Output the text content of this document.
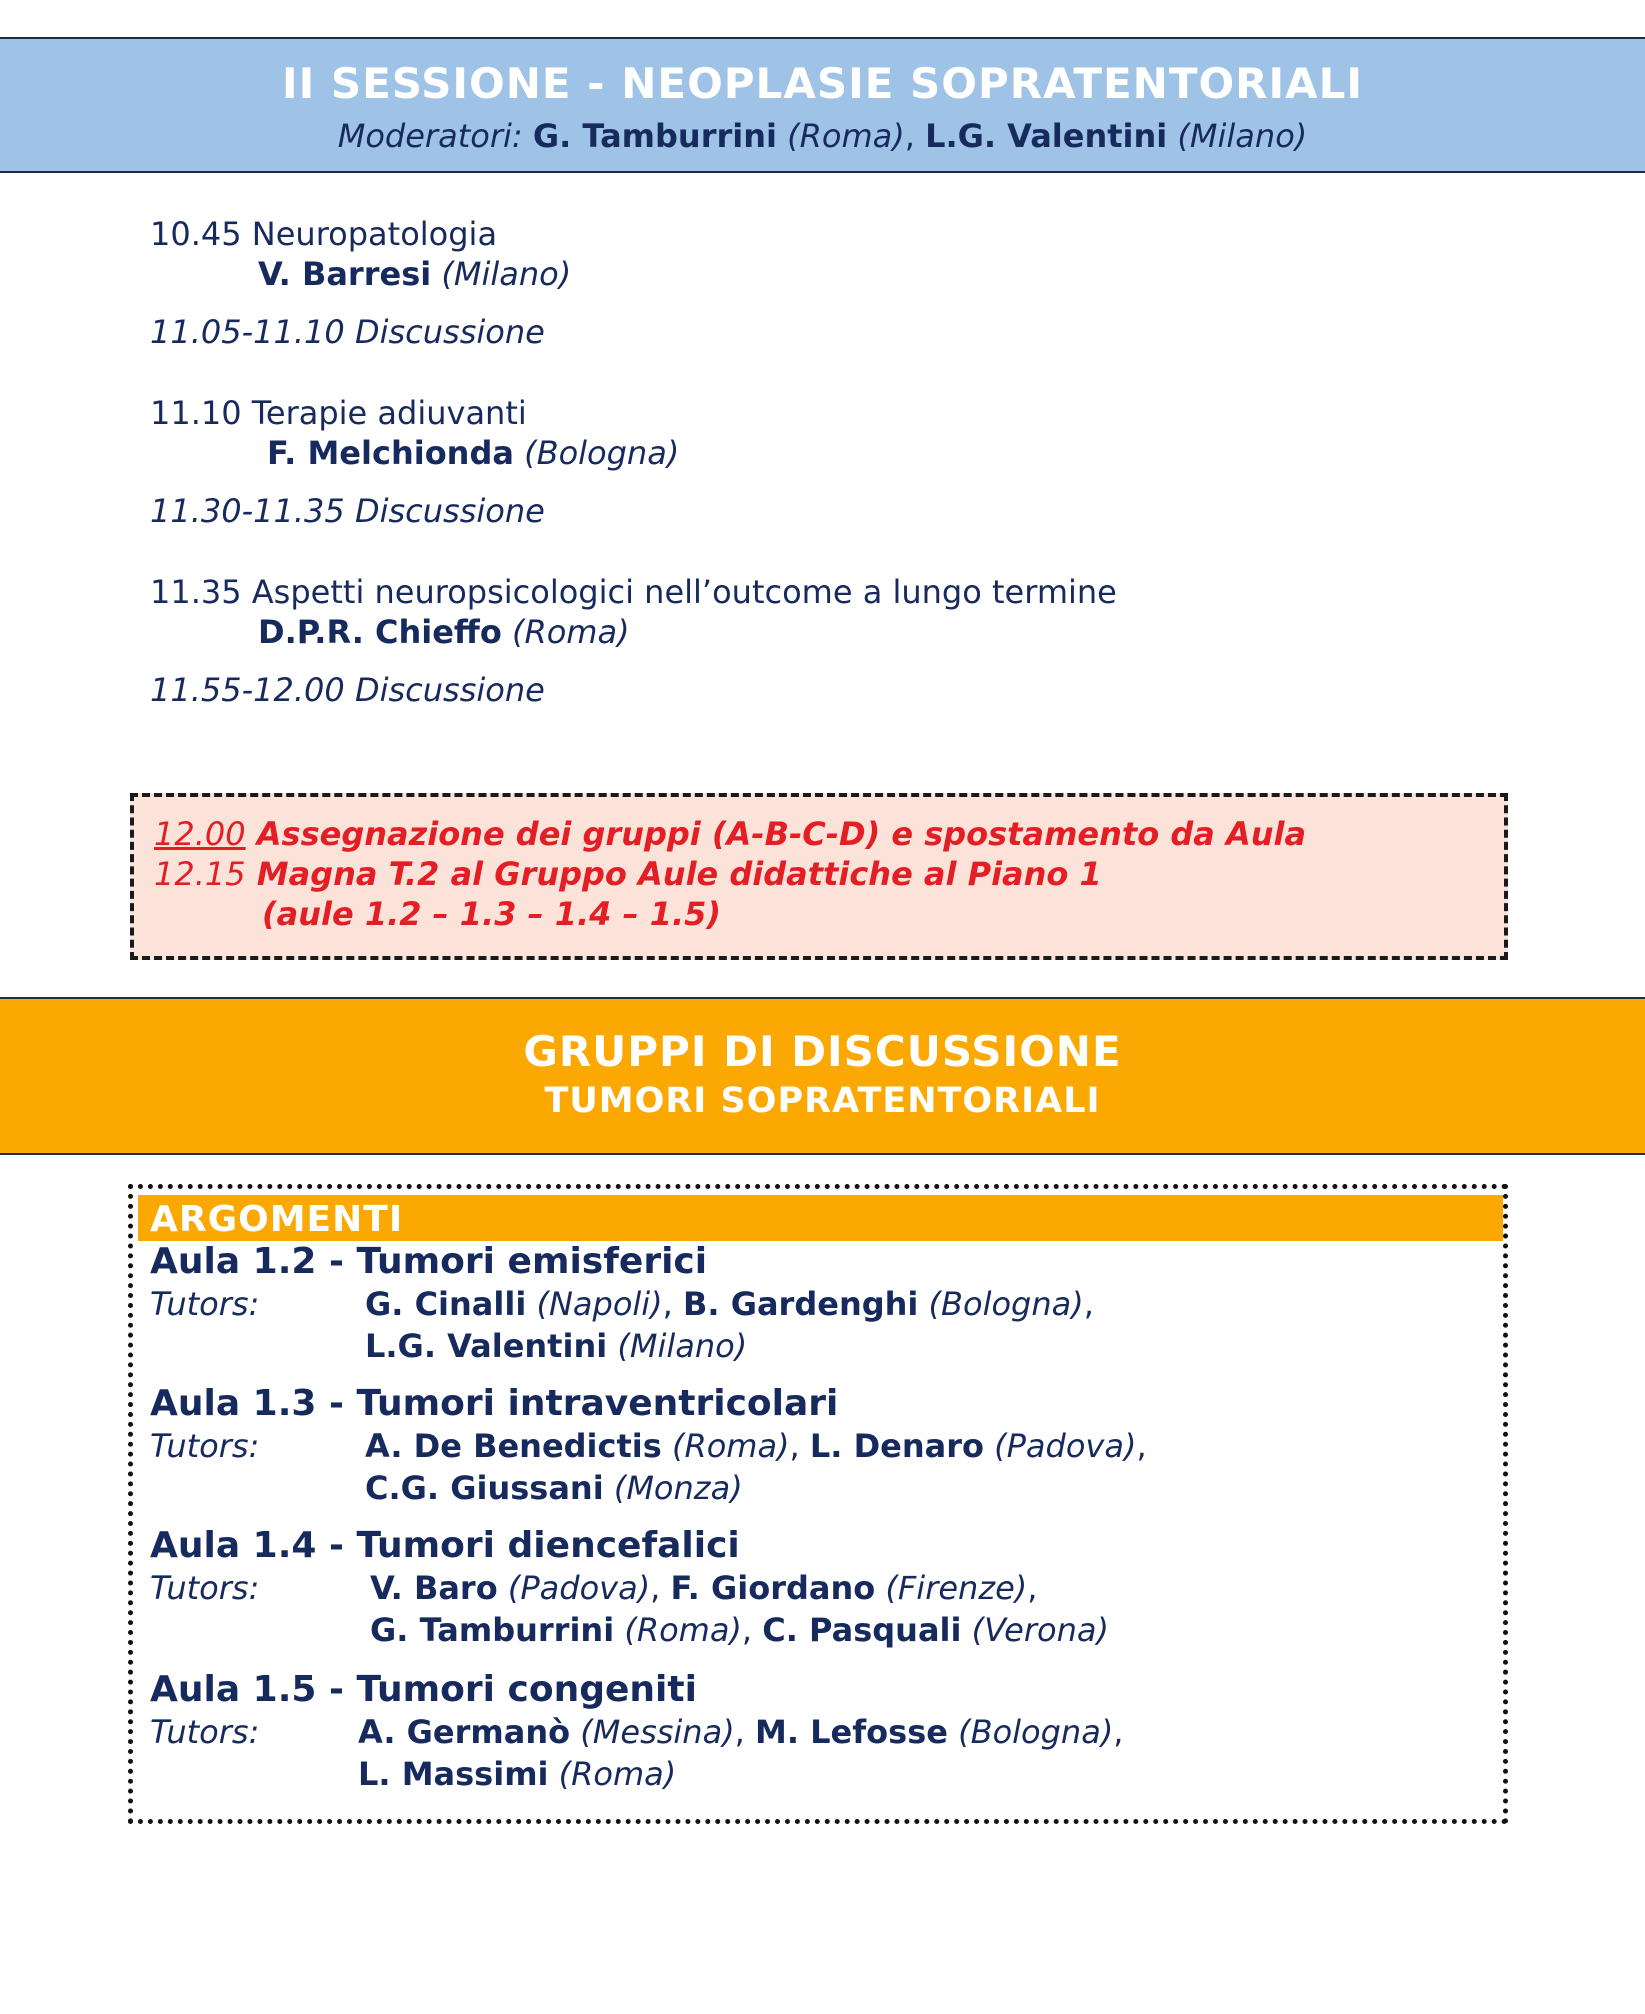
II SESSIONE - NEOPLASIE SOPRATENTORIALI
Moderatori: G. Tamburrini (Roma), L.G. Valentini (Milano)
10.45 Neuropatologia
V. Barresi (Milano)
11.05-11.10 Discussione
11.10 Terapie adiuvanti
F. Melchionda (Bologna)
11.30-11.35 Discussione
11.35 Aspetti neuropsicologici nell’outcome a lungo termine
D.P.R. Chieffo (Roma)
11.55-12.00 Discussione
12.00 Assegnazione dei gruppi (A-B-C-D) e spostamento da Aula
12.15 Magna T.2 al Gruppo Aule didattiche al Piano 1
(aule 1.2 – 1.3 – 1.4 – 1.5)
GRUPPI DI DISCUSSIONE
TUMORI SOPRATENTORIALI
ARGOMENTI
Aula 1.2 - Tumori emisferici
Tutors:	G. Cinalli (Napoli), B. Gardenghi (Bologna),
L.G. Valentini (Milano)
Aula 1.3 - Tumori intraventricolari
Tutors:	A. De Benedictis (Roma), L. Denaro (Padova),
C.G. Giussani (Monza)
Aula 1.4 - Tumori diencefalici
Tutors:	V. Baro (Padova), F. Giordano (Firenze),
G. Tamburrini (Roma), C. Pasquali (Verona)
Aula 1.5 - Tumori congeniti
Tutors:	A. Germanò (Messina), M. Lefosse (Bologna),
L. Massimi (Roma)
